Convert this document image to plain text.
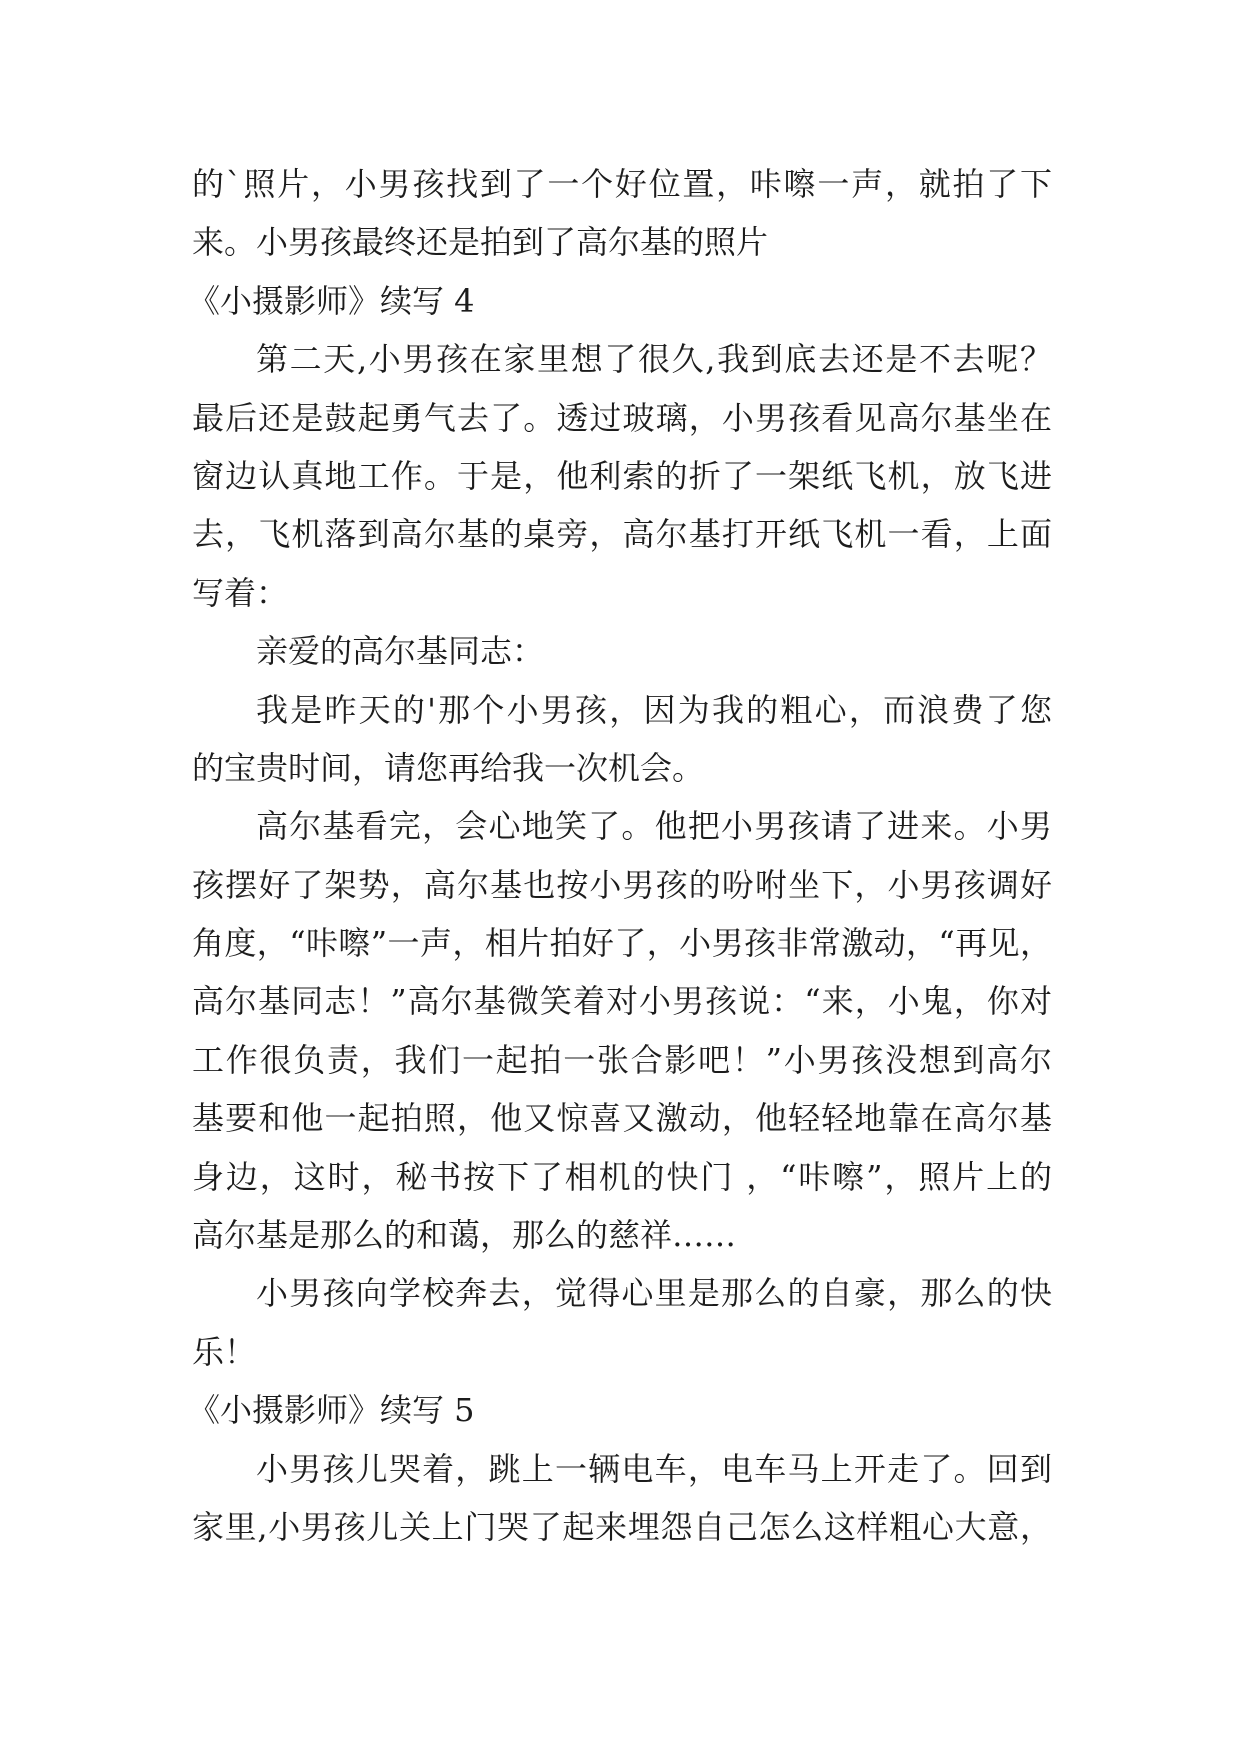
的`照片，小男孩找到了一个好位置，咔嚓一声，就拍了下
来。小男孩最终还是拍到了高尔基的照片
《小摄影师》续写 4
第二天,小男孩在家里想了很久,我到底去还是不去呢？
最后还是鼓起勇气去了。透过玻璃，小男孩看见高尔基坐在
窗边认真地工作。于是，他利索的折了一架纸飞机，放飞进
去，飞机落到高尔基的桌旁，高尔基打开纸飞机一看，上面
写着：
亲爱的高尔基同志：
我是昨天的'那个小男孩，因为我的粗心，而浪费了您
的宝贵时间，请您再给我一次机会。
高尔基看完，会心地笑了。他把小男孩请了进来。小男
孩摆好了架势，高尔基也按小男孩的吩咐坐下，小男孩调好
角度，“咔嚓”一声，相片拍好了，小男孩非常激动，“再见，
高尔基同志！”高尔基微笑着对小男孩说：“来，小鬼，你对
工作很负责，我们一起拍一张合影吧！”小男孩没想到高尔
基要和他一起拍照，他又惊喜又激动，他轻轻地靠在高尔基
身边，这时，秘书按下了相机的快门 ，“咔嚓”，照片上的
高尔基是那么的和蔼，那么的慈祥……
小男孩向学校奔去，觉得心里是那么的自豪，那么的快
乐！
《小摄影师》续写 5
小男孩儿哭着，跳上一辆电车，电车马上开走了。回到
家里,小男孩儿关上门哭了起来埋怨自己怎么这样粗心大意，
